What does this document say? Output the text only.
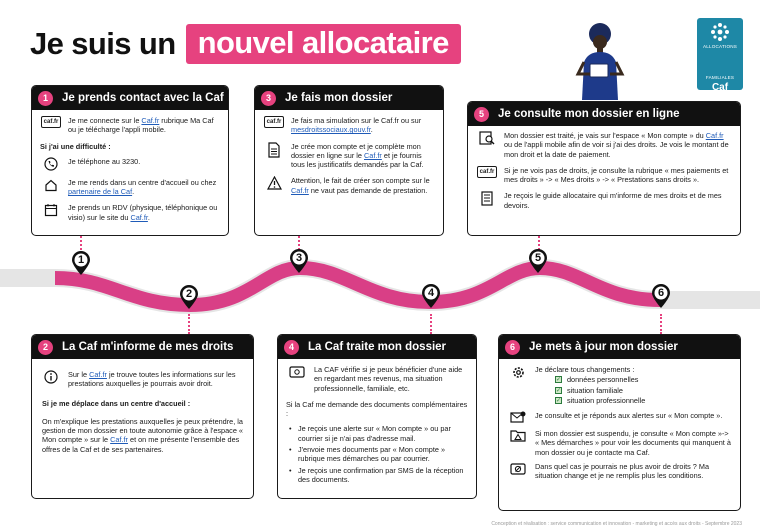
Je suis un nouvel allocataire	ALLOCATIONS
FAMILIALES
Caf
des Alpes-
1
2
3
4
5
6
1	Je prends contact avec la Caf
caf.fr	Je me connecte sur le Caf.fr rubrique Ma Caf ou je télécharge l'appli mobile.
Si j'ai une difficulté :
Je téléphone au 3230.
Je me rends dans un centre d'accueil ou chez partenaire de la Caf.
Je prends un RDV (physique, téléphonique ou visio) sur le site du Caf.fr.
3	Je fais mon dossier
caf.fr	Je fais ma simulation sur le Caf.fr ou sur mesdroitssociaux.gouv.fr.
Je crée mon compte et je complète mon dossier en ligne sur le Caf.fr et je fournis tous les justificatifs demandés par la Caf.
Attention, le fait de créer son compte sur le Caf.fr ne vaut pas demande de prestation.
5	Je consulte mon dossier en ligne
Mon dossier est traité, je vais sur l'espace « Mon compte » du Caf.fr ou de l'appli mobile afin de voir si j'ai des droits. Je vois le montant de mon droit et la date de paiement.
caf.fr	Si je ne vois pas de droits, je consulte la rubrique « mes paiements et mes droits » -> « Mes droits » -> « Prestations sans droits ».
Je reçois le guide allocataire qui m'informe de mes droits et de mes devoirs.
2	La Caf m'informe de mes droits
Sur le Caf.fr je trouve toutes les informations sur les prestations auxquelles je pourrais avoir droit.
Si je me déplace dans un centre d'accueil :
On m'explique les prestations auxquelles je peux prétendre, la gestion de mon dossier en toute autonomie grâce à l'espace « Mon compte » sur le Caf.fr et on me présente l'ensemble des offres de la Caf et de ses partenaires.
4	La Caf traite mon dossier
La CAF vérifie si je peux bénéficier d'une aide en regardant mes revenus, ma situation professionnelle, familiale, etc.
Si la Caf me demande des documents complémentaires :
• Je reçois une alerte sur « Mon compte » ou par courrier si je n'ai pas d'adresse mail.
• J'envoie mes documents par « Mon compte » rubrique mes démarches ou par courrier.
• Je reçois une confirmation par SMS de la réception des documents.
6	Je mets à jour mon dossier
Je déclare tous changements :
✓ données personnelles
✓ situation familiale
✓ situation professionnelle
Je consulte et je réponds aux alertes sur « Mon compte ».
Si mon dossier est suspendu, je consulte « Mon compte »-> « Mes démarches » pour voir les documents qui manquent à mon dossier ou je contacte ma Caf.
Dans quel cas je pourrais ne plus avoir de droits ? Ma situation change et je ne remplis plus les conditions.
Conception et réalisation : service communication et innovation - marketing et accès aux droits - Septembre 2023
